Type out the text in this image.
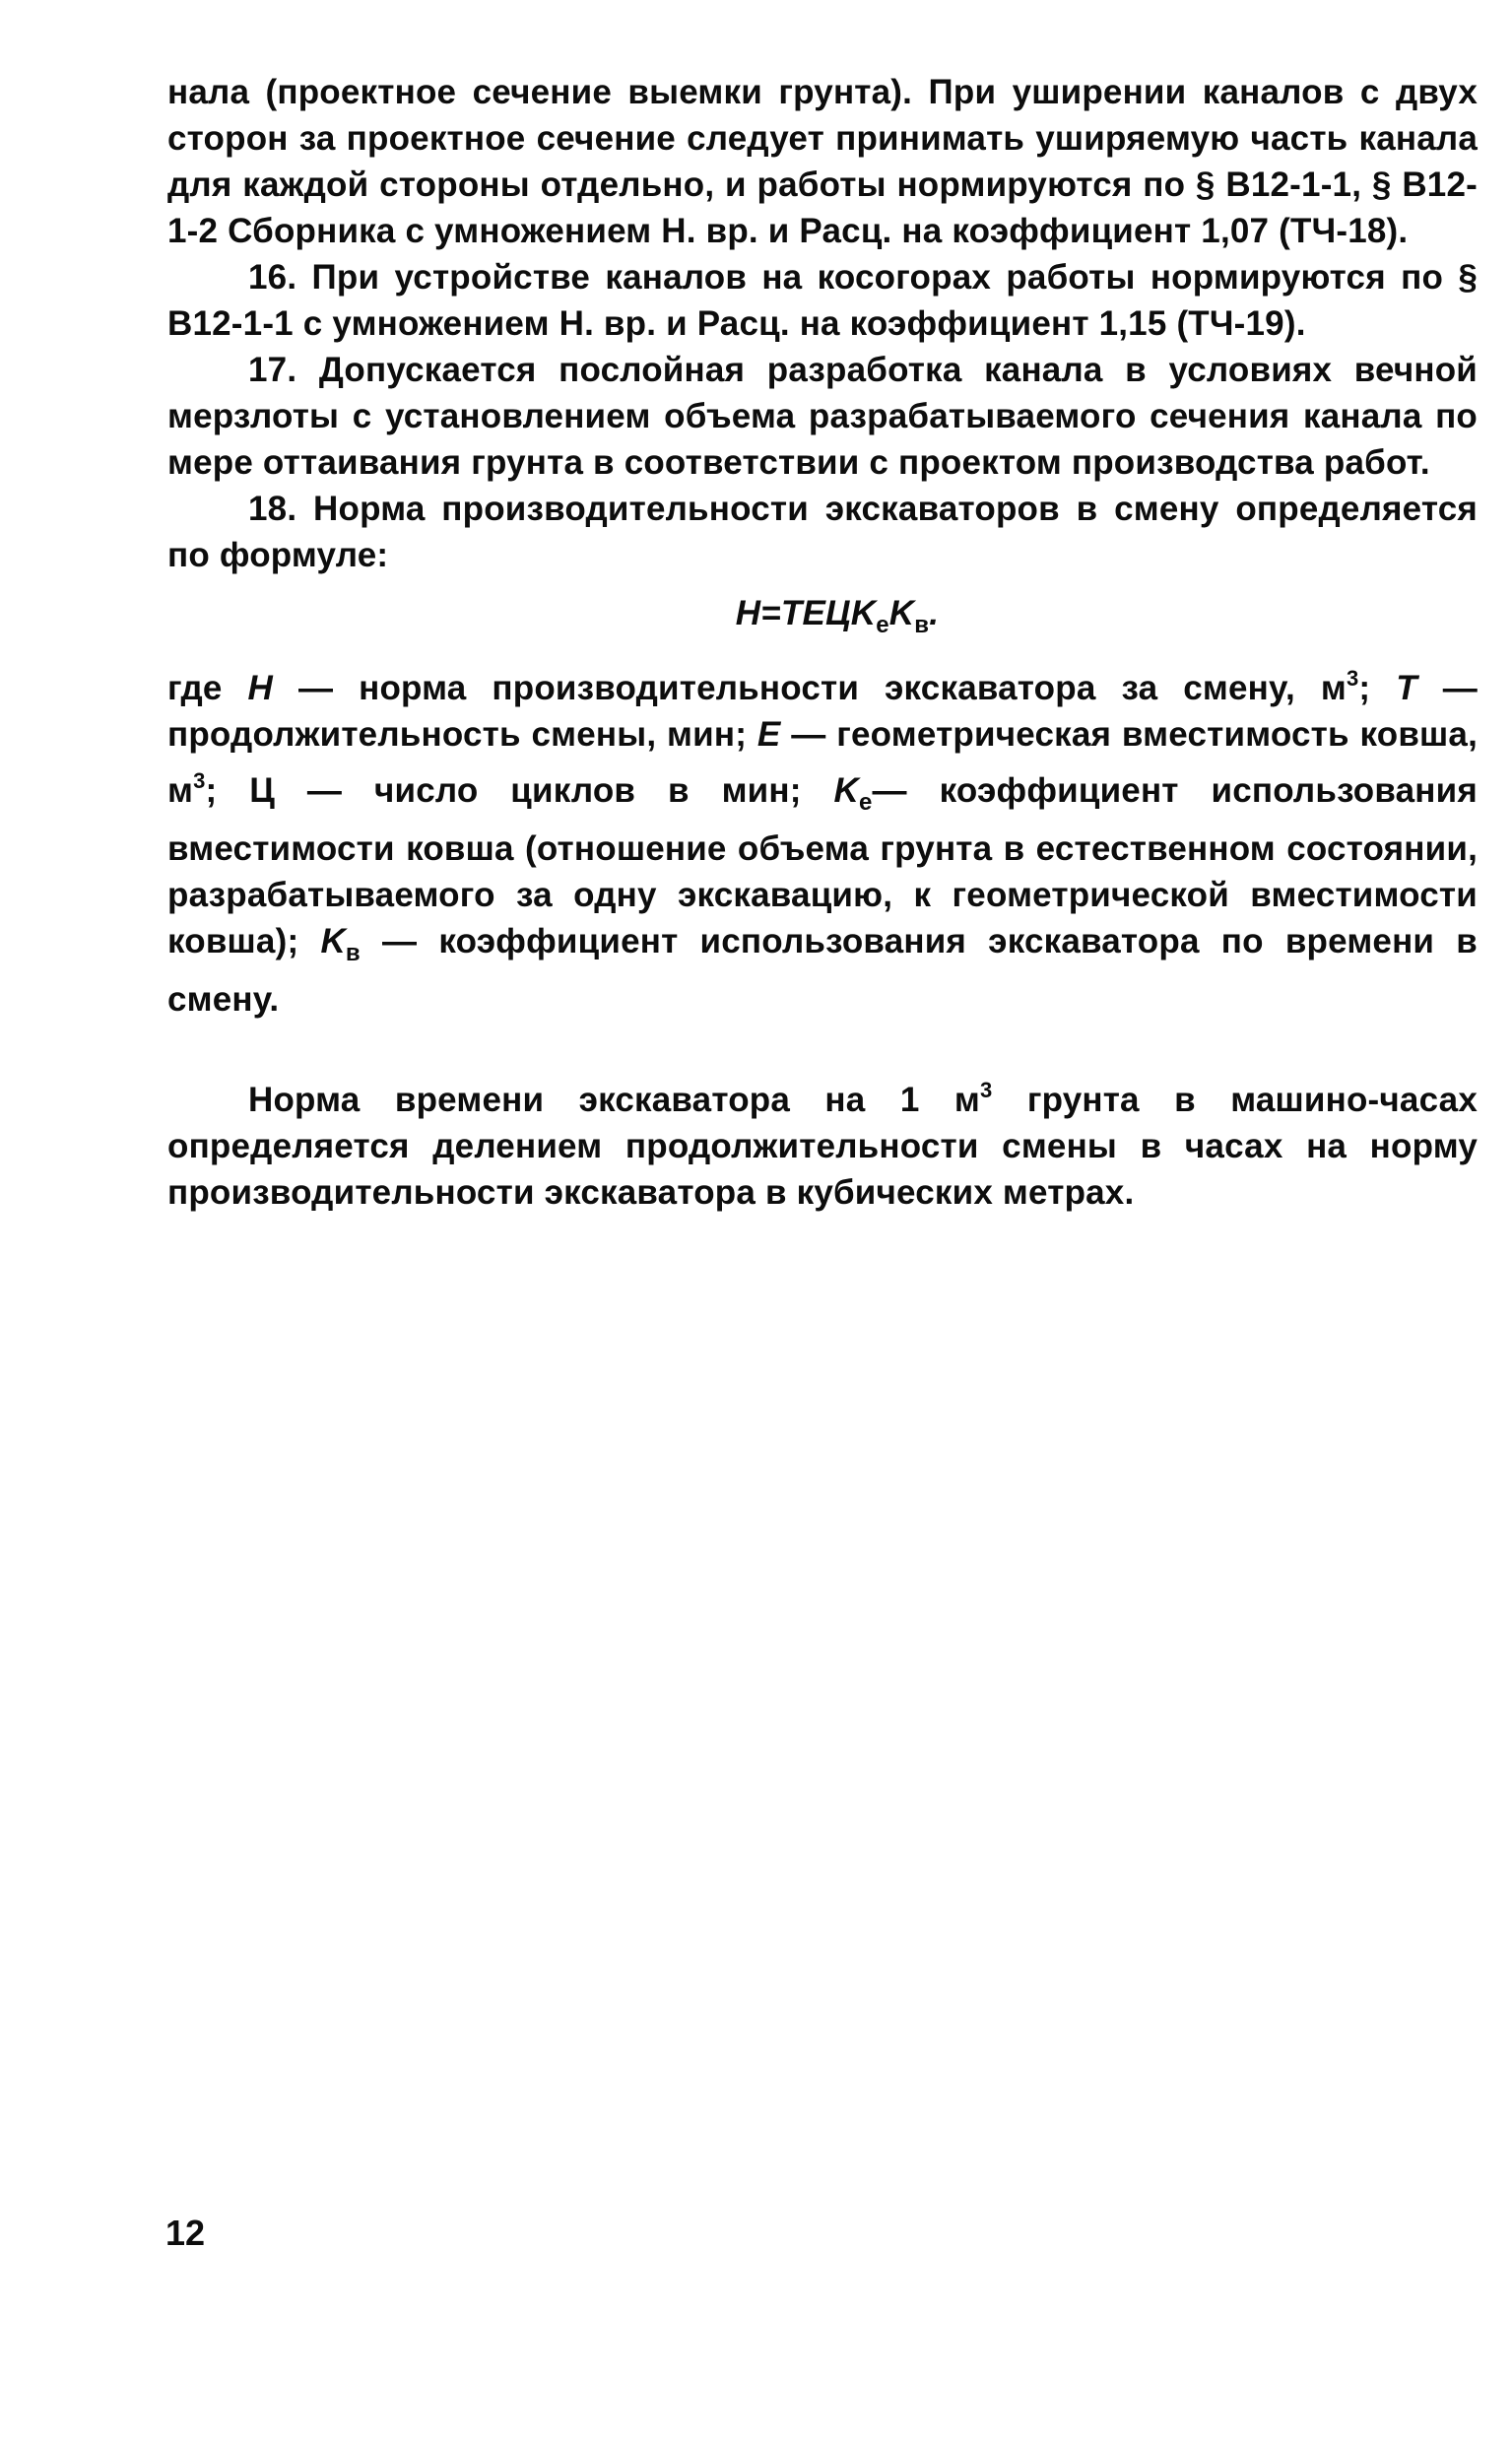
нала (проектное сечение выемки грунта). При уширении каналов с двух сторон за проектное сечение следует принимать уширяемую часть канала для каждой стороны отдельно, и работы нормируются по § В12-1-1, § В12-1-2 Сборника с умножением Н. вр. и Расц. на коэффициент 1,07 (ТЧ-18).

16. При устройстве каналов на косогорах работы нормируются по § В12-1-1 с умножением Н. вр. и Расц. на коэффициент 1,15 (ТЧ-19).

17. Допускается послойная разработка канала в условиях вечной мерзлоты с установлением объема разрабатываемого сечения канала по мере оттаивания грунта в соответствии с проектом производства работ.

18. Норма производительности экскаваторов в смену определяется по формуле:

$H=TEЦK_eK_в$.

где H — норма производительности экскаватора за смену, $м^3$; T — продолжительность смены, мин; E — геометрическая вместимость ковша, $м^3$; Ц — число циклов в мин; $K_e—$ коэффициент использования вместимости ковша (отношение объема грунта в естественном состоянии, разрабатываемого за одну экскавацию, к геометрической вместимости ковша); $K_в$ — коэффициент использования экскаватора по времени в смену.

Норма времени экскаватора на 1 $м^3$ грунта в машино-часах определяется делением продолжительности смены в часах на норму производительности экскаватора в кубических метрах.

12
